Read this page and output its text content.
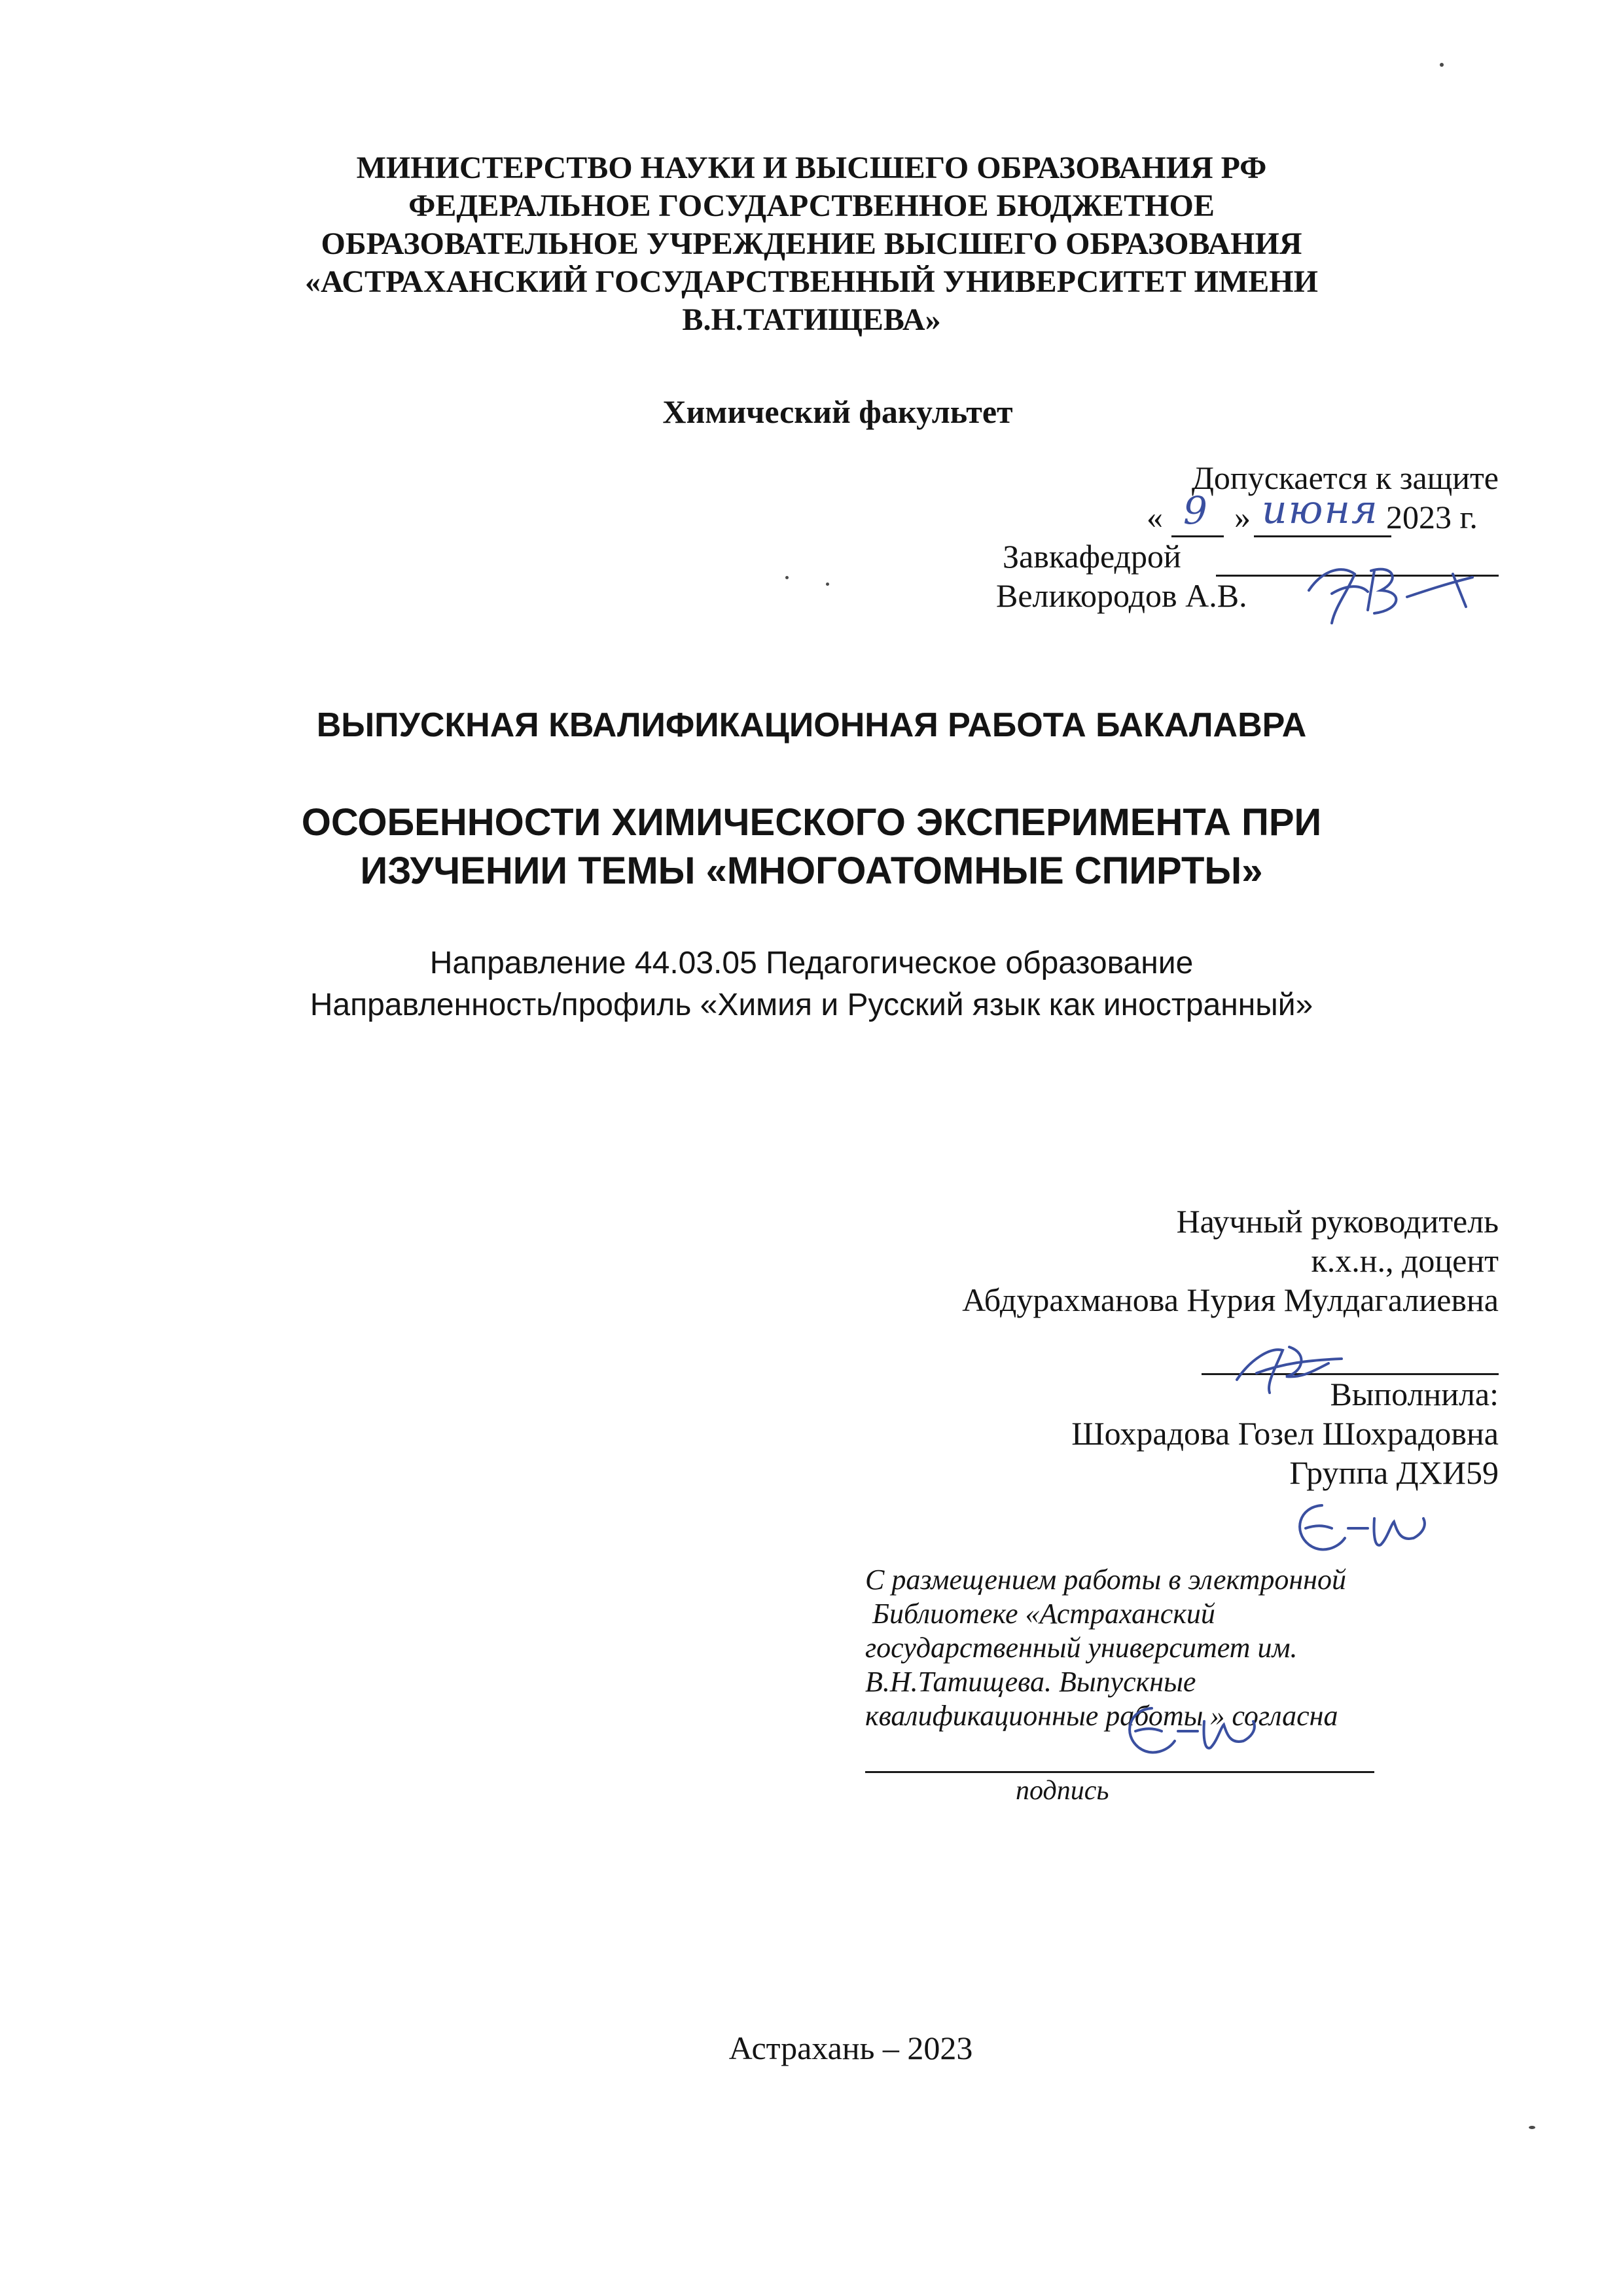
МИНИСТЕРСТВО НАУКИ И ВЫСШЕГО ОБРАЗОВАНИЯ РФ
ФЕДЕРАЛЬНОЕ ГОСУДАРСТВЕННОЕ БЮДЖЕТНОЕ
ОБРАЗОВАТЕЛЬНОЕ УЧРЕЖДЕНИЕ ВЫСШЕГО ОБРАЗОВАНИЯ
«АСТРАХАНСКИЙ ГОСУДАРСТВЕННЫЙ УНИВЕРСИТЕТ ИМЕНИ
В.Н.ТАТИЩЕВА»
Химический факультет
Допускается к защите
« »	2023 г.
9 июня
Завкафедрой
Великородов А.В.
ВЫПУСКНАЯ КВАЛИФИКАЦИОННАЯ РАБОТА БАКАЛАВРА
ОСОБЕННОСТИ ХИМИЧЕСКОГО ЭКСПЕРИМЕНТА ПРИ
ИЗУЧЕНИИ ТЕМЫ «МНОГОАТОМНЫЕ СПИРТЫ»
Направление 44.03.05 Педагогическое образование
Направленность/профиль «Химия и Русский язык как иностранный»
Научный руководитель
к.х.н., доцент
Абдурахманова Нурия Мулдагалиевна
Выполнила:
Шохрадова Гозел Шохрадовна
Группа ДХИ59
С размещением работы в электронной
Библиотеке «Астраханский
государственный университет им.
В.Н.Татищева. Выпускные
квалификационные работы » согласна
подпись
Астрахань – 2023
